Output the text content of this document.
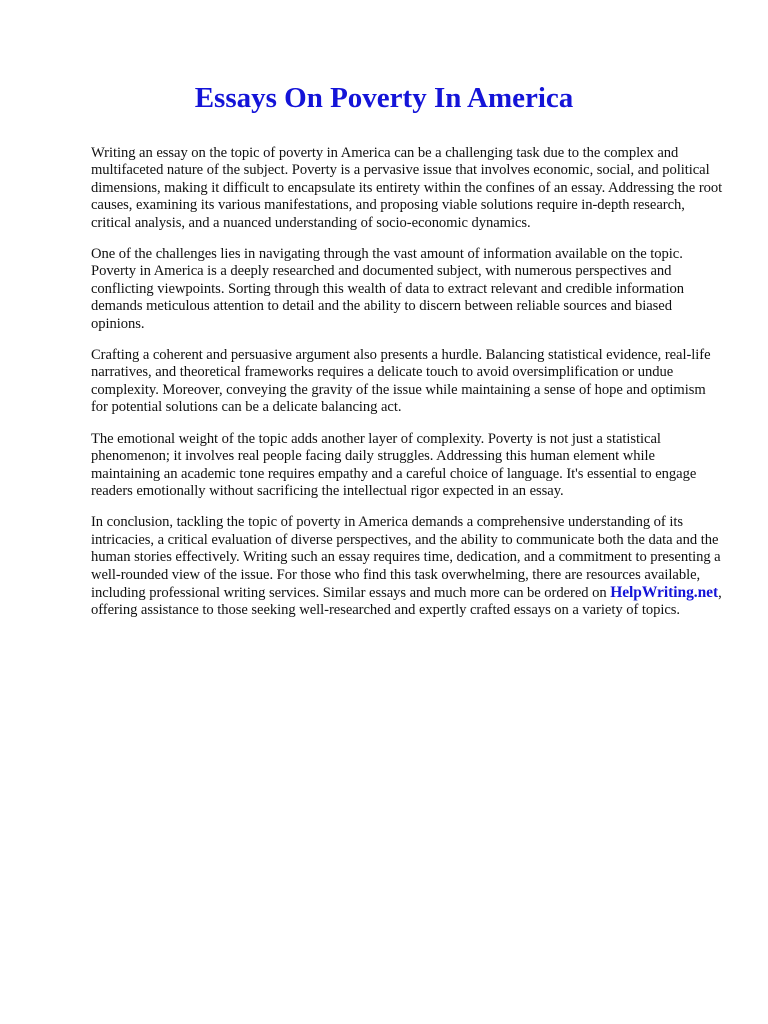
Essays On Poverty In America

Writing an essay on the topic of poverty in America can be a challenging task due to the complex and multifaceted nature of the subject. Poverty is a pervasive issue that involves economic, social, and political dimensions, making it difficult to encapsulate its entirety within the confines of an essay. Addressing the root causes, examining its various manifestations, and proposing viable solutions require in-depth research, critical analysis, and a nuanced understanding of socio-economic dynamics.

One of the challenges lies in navigating through the vast amount of information available on the topic. Poverty in America is a deeply researched and documented subject, with numerous perspectives and conflicting viewpoints. Sorting through this wealth of data to extract relevant and credible information demands meticulous attention to detail and the ability to discern between reliable sources and biased opinions.

Crafting a coherent and persuasive argument also presents a hurdle. Balancing statistical evidence, real-life narratives, and theoretical frameworks requires a delicate touch to avoid oversimplification or undue complexity. Moreover, conveying the gravity of the issue while maintaining a sense of hope and optimism for potential solutions can be a delicate balancing act.

The emotional weight of the topic adds another layer of complexity. Poverty is not just a statistical phenomenon; it involves real people facing daily struggles. Addressing this human element while maintaining an academic tone requires empathy and a careful choice of language. It's essential to engage readers emotionally without sacrificing the intellectual rigor expected in an essay.

In conclusion, tackling the topic of poverty in America demands a comprehensive understanding of its intricacies, a critical evaluation of diverse perspectives, and the ability to communicate both the data and the human stories effectively. Writing such an essay requires time, dedication, and a commitment to presenting a well-rounded view of the issue. For those who find this task overwhelming, there are resources available, including professional writing services. Similar essays and much more can be ordered on HelpWriting.net, offering assistance to those seeking well-researched and expertly crafted essays on a variety of topics.
